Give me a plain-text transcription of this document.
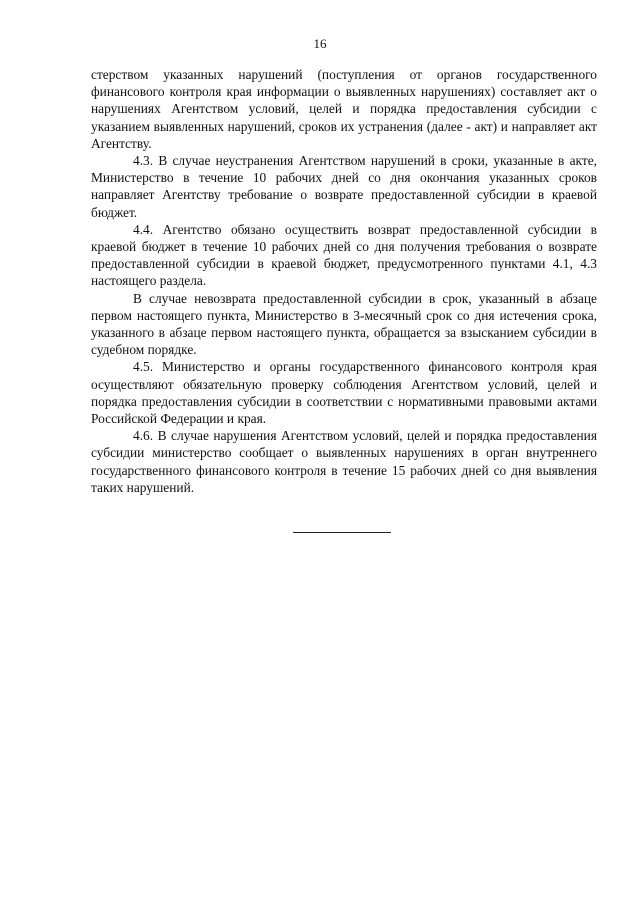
16

стерством указанных нарушений (поступления от органов государственного финансового контроля края информации о выявленных нарушениях) составляет акт о нарушениях Агентством условий, целей и порядка предоставления субсидии с указанием выявленных нарушений, сроков их устранения (далее - акт) и направляет акт Агентству.

4.3. В случае неустранения Агентством нарушений в сроки, указанные в акте, Министерство в течение 10 рабочих дней со дня окончания указанных сроков направляет Агентству требование о возврате предоставленной субсидии в краевой бюджет.

4.4. Агентство обязано осуществить возврат предоставленной субсидии в краевой бюджет в течение 10 рабочих дней со дня получения требования о возврате предоставленной субсидии в краевой бюджет, предусмотренного пунктами 4.1, 4.3 настоящего раздела.

В случае невозврата предоставленной субсидии в срок, указанный в абзаце первом настоящего пункта, Министерство в 3-месячный срок со дня истечения срока, указанного в абзаце первом настоящего пункта, обращается за взысканием субсидии в судебном порядке.

4.5. Министерство и органы государственного финансового контроля края осуществляют обязательную проверку соблюдения Агентством условий, целей и порядка предоставления субсидии в соответствии с нормативными правовыми актами Российской Федерации и края.

4.6. В случае нарушения Агентством условий, целей и порядка предоставления субсидии министерство сообщает о выявленных нарушениях в орган внутреннего государственного финансового контроля в течение 15 рабочих дней со дня выявления таких нарушений.
